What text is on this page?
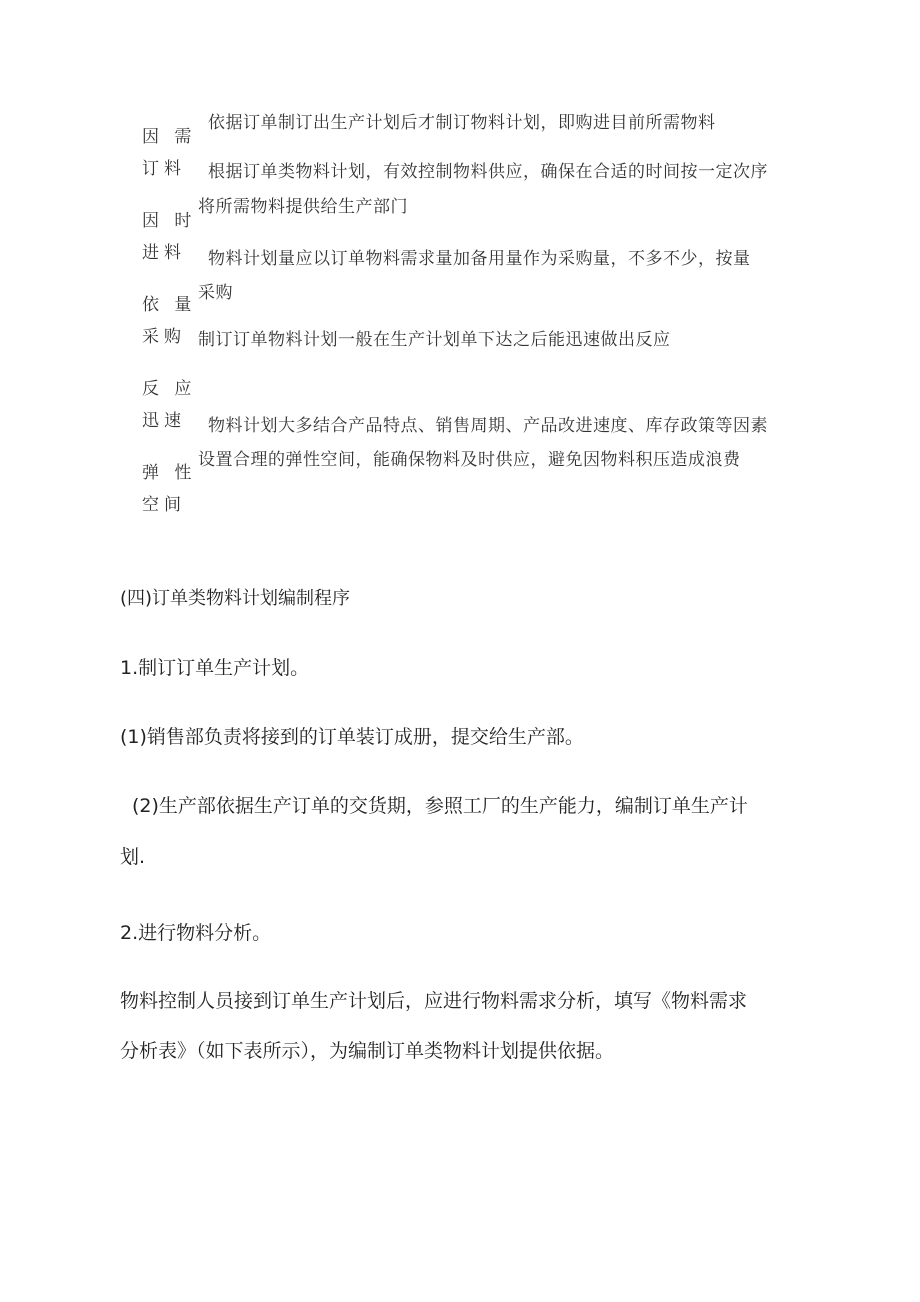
因 需
订料
因 时
进料
依 量
采购
反 应
迅速
弹 性
空间
依据订单制订出生产计划后才制订物料计划，即购进目前所需物料
根据订单类物料计划，有效控制物料供应，确保在合适的时间按一定次序
将所需物料提供给生产部门
物料计划量应以订单物料需求量加备用量作为采购量，不多不少，按量
采购
制订订单物料计划一般在生产计划单下达之后能迅速做出反应
物料计划大多结合产品特点、销售周期、产品改进速度、库存政策等因素
设置合理的弹性空间，能确保物料及时供应，避免因物料积压造成浪费
(四)订单类物料计划编制程序
1.制订订单生产计划。
(1)销售部负责将接到的订单装订成册，提交给生产部。
(2)生产部依据生产订单的交货期，参照工厂的生产能力，编制订单生产计
划.
2.进行物料分析。
物料控制人员接到订单生产计划后，应进行物料需求分析，填写《物料需求
分析表》（如下表所示），为编制订单类物料计划提供依据。
